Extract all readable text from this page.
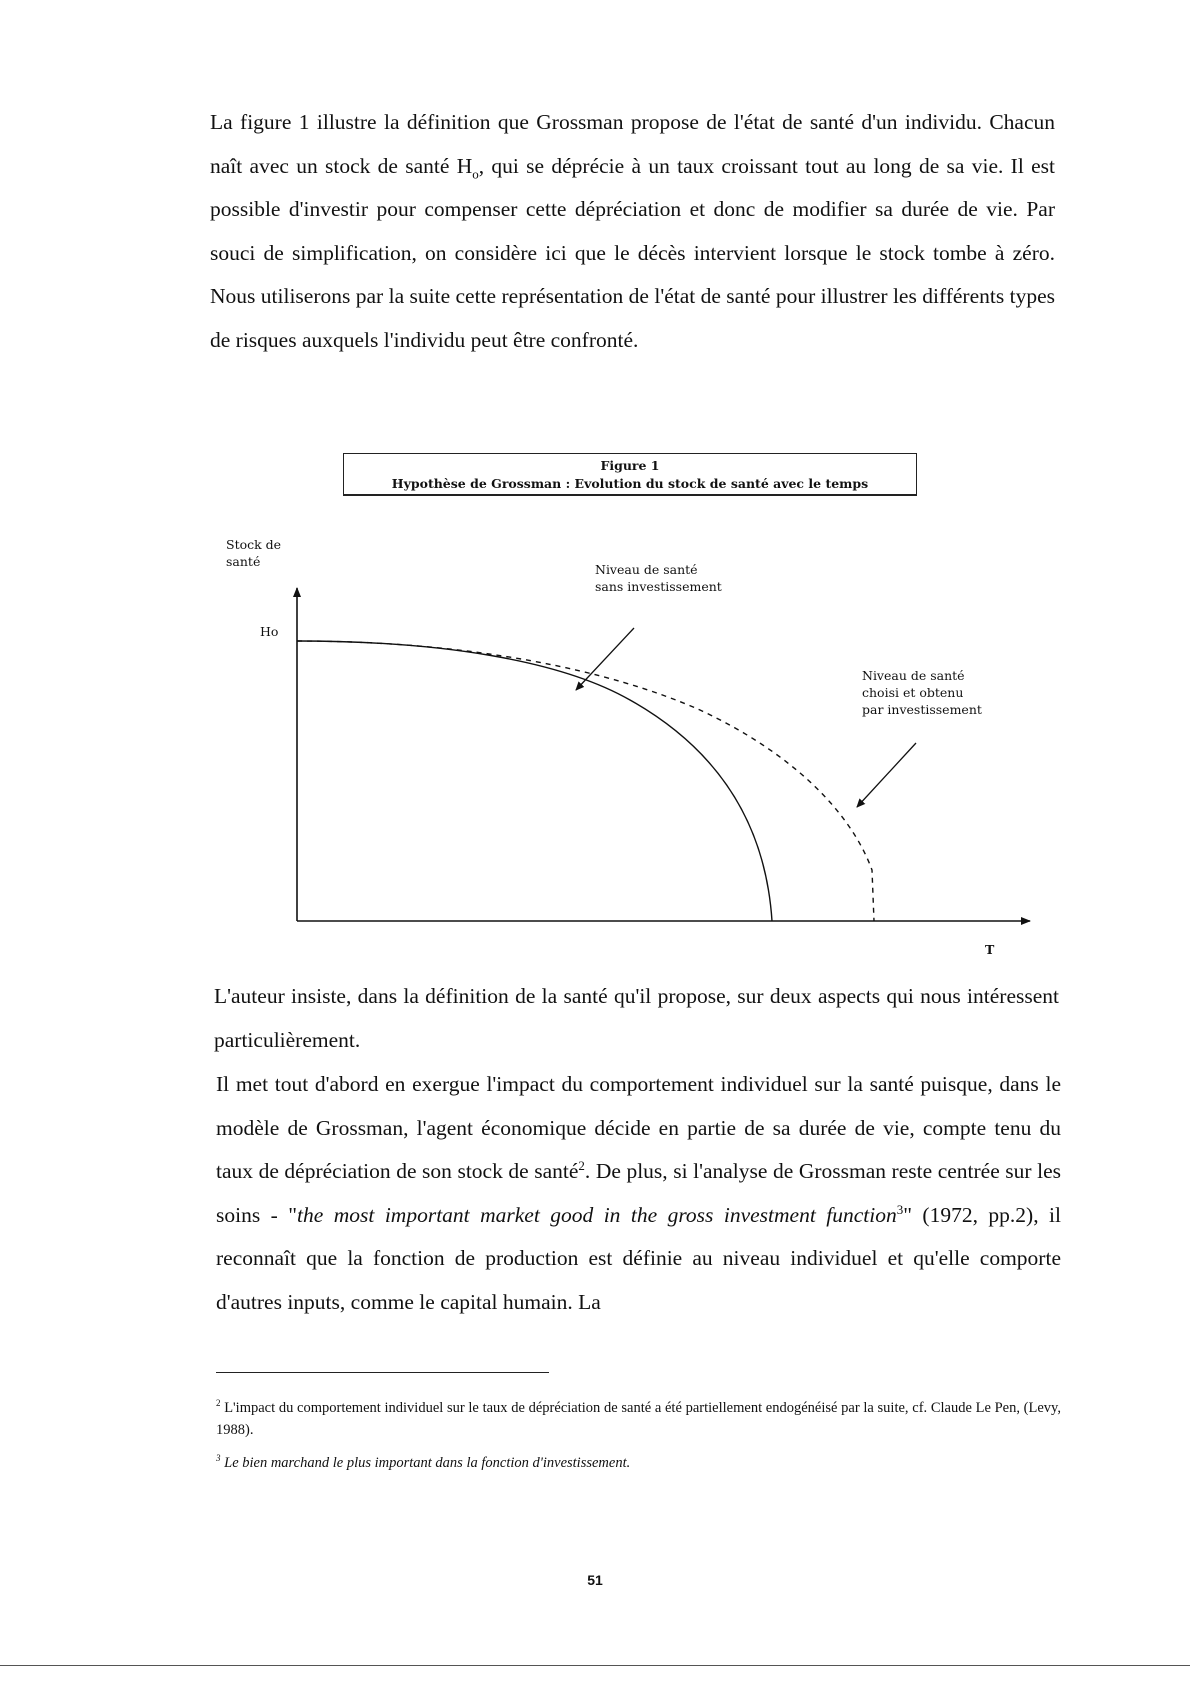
La figure 1 illustre la définition que Grossman propose de l'état de santé d'un individu. Chacun naît avec un stock de santé $H_o$, qui se déprécie à un taux croissant tout au long de sa vie. Il est possible d'investir pour compenser cette dépréciation et donc de modifier sa durée de vie. Par souci de simplification, on considère ici que le décès intervient lorsque le stock tombe à zéro. Nous utiliserons par la suite cette représentation de l'état de santé pour illustrer les différents types de risques auxquels l'individu peut être confronté.

Figure 1
Hypothèse de Grossman : Evolution du stock de santé avec le temps

Stock de
santé

Ho

Niveau de santé
sans investissement

Niveau de santé
choisi et obtenu
par investissement

T

L'auteur insiste, dans la définition de la santé qu'il propose, sur deux aspects qui nous intéressent particulièrement.

Il met tout d'abord en exergue l'impact du comportement individuel sur la santé puisque, dans le modèle de Grossman, l'agent économique décide en partie de sa durée de vie, compte tenu du taux de dépréciation de son stock de santé$^2$. De plus, si l'analyse de Grossman reste centrée sur les soins - "the most important market good in the gross investment function$^3$" (1972, pp.2), il reconnaît que la fonction de production est définie au niveau individuel et qu'elle comporte d'autres inputs, comme le capital humain. La

$^2$ L'impact du comportement individuel sur le taux de dépréciation de santé a été partiellement endogénéisé par la suite, cf. Claude Le Pen, (Levy, 1988).

$^3$ Le bien marchand le plus important dans la fonction d'investissement.

51
